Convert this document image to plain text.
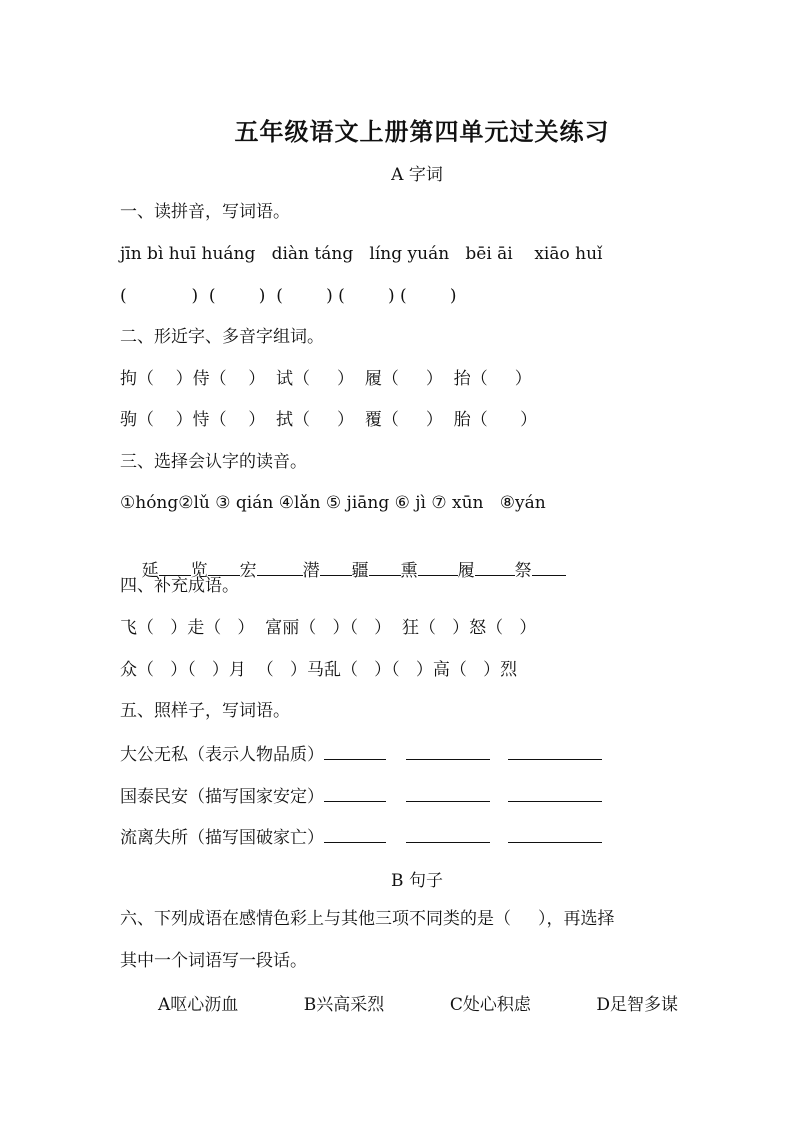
五年级语文上册第四单元过关练习
A 字词
一、读拼音，写词语。
jīn bì huī huáng   diàn táng   líng yuán   bēi āi    xiāo huǐ
(            )  (        )  (        ) (        ) (        )
二、形近字、多音字组词。
拘（    ）侍（    ）  试（     ）  履（     ）  抬（     ）
驹（    ）恃（    ）  拭（     ）  覆（     ）  胎（      ）
三、选择会认字的读音。
①hóng②lǔ ③ qián ④lǎn ⑤ jiāng ⑥ jì ⑦ xūn   ⑧yán

延 览 宏	潜 疆 熏 履 祭

四、补充成语。
飞（   ）走（   ）  富丽（   ）（   ）  狂（   ）怒（   ）
众（   ）（   ）月  （   ）马乱（   ）（   ）高（   ）烈
五、照样子，写词语。
大公无私（表示人物品质）
国泰民安（描写国家安定）
流离失所（描写国破家亡）
B 句子
六、下列成语在感情色彩上与其他三项不同类的是（     ），再选择
其中一个词语写一段话。
A呕心沥血	B兴高采烈	C处心积虑	D足智多谋
